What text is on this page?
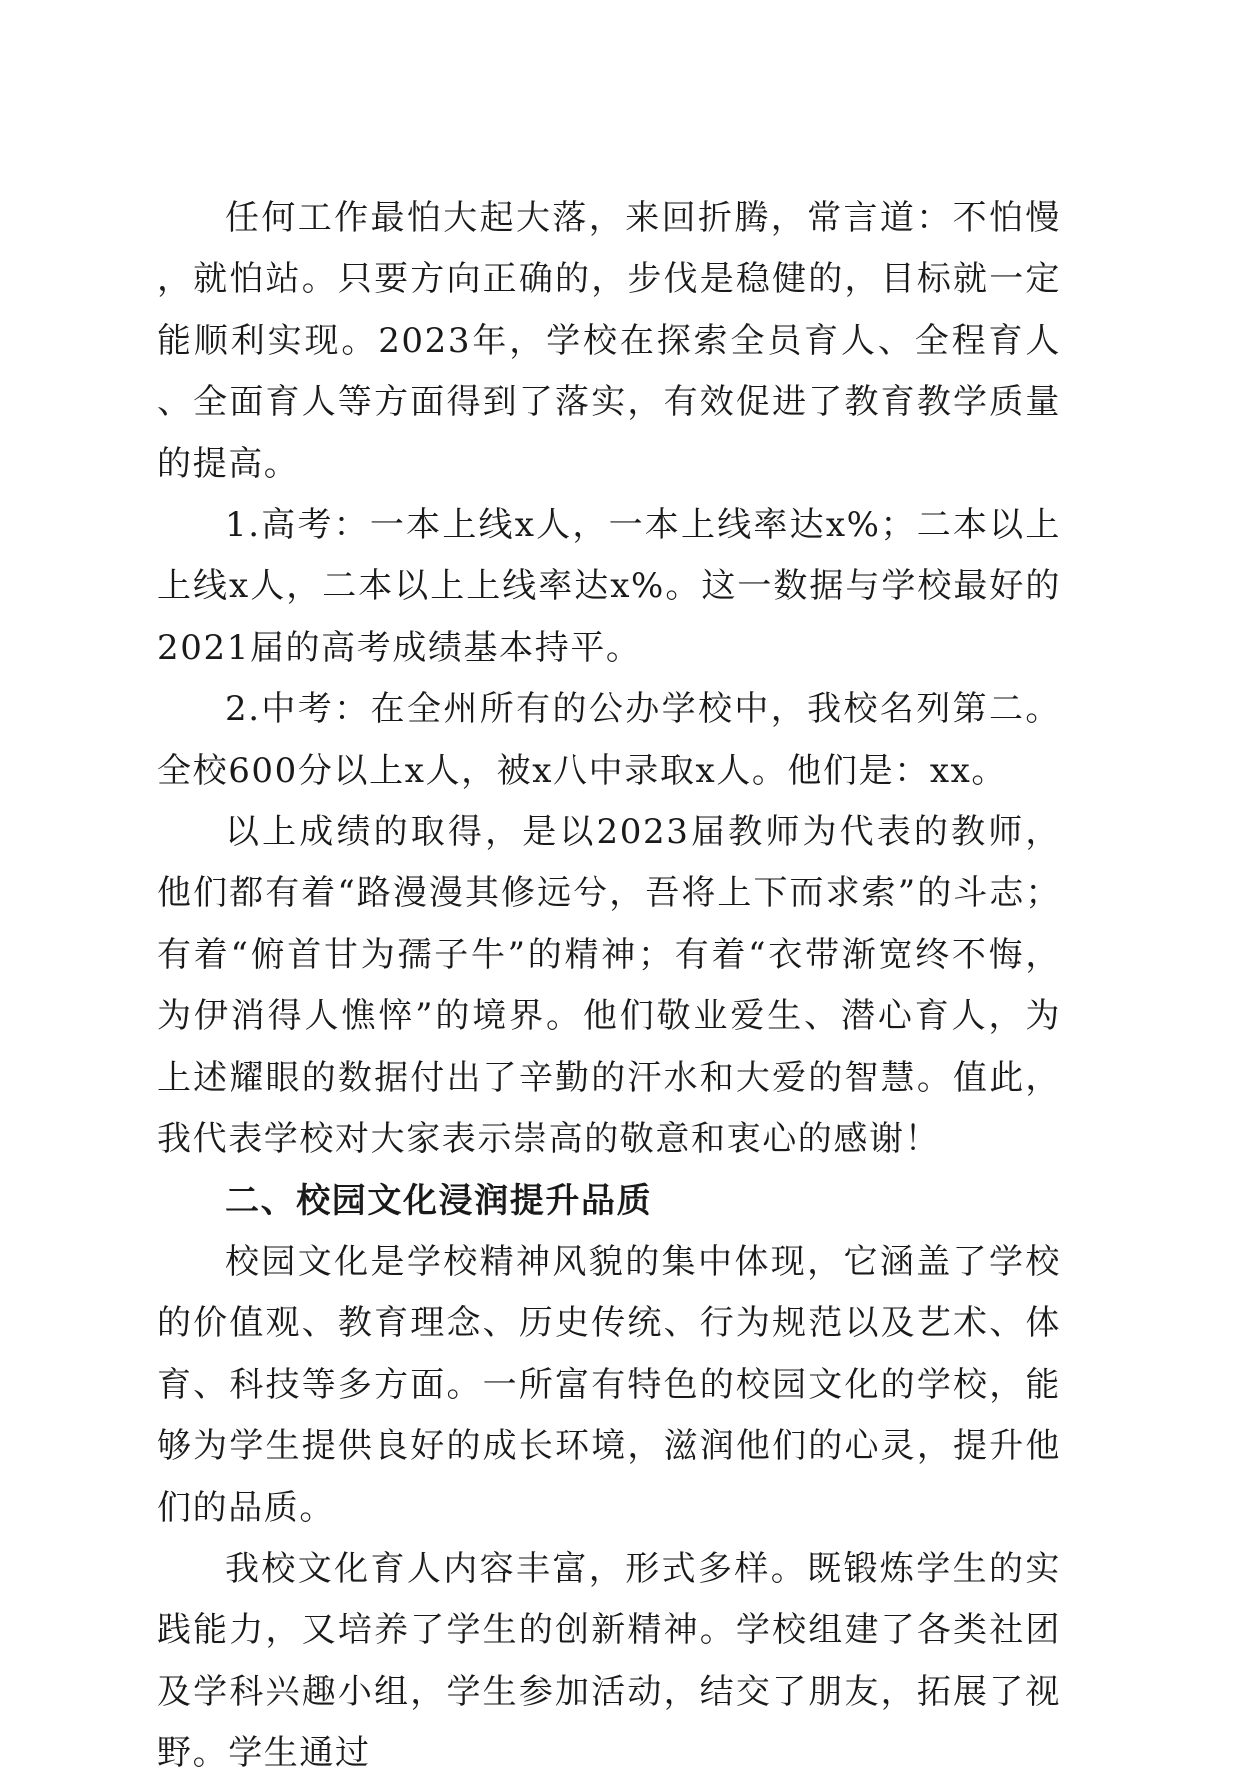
任何工作最怕大起大落，来回折腾，常言道：不怕慢，就怕站。只要方向正确的，步伐是稳健的，目标就一定能顺利实现。2023年，学校在探索全员育人、全程育人、全面育人等方面得到了落实，有效促进了教育教学质量的提高。

1.高考：一本上线x人，一本上线率达x%；二本以上上线x人，二本以上上线率达x%。这一数据与学校最好的2021届的高考成绩基本持平。

2.中考：在全州所有的公办学校中，我校名列第二。全校600分以上x人，被x八中录取x人。他们是：xx。

以上成绩的取得，是以2023届教师为代表的教师，他们都有着“路漫漫其修远兮，吾将上下而求索”的斗志；有着“俯首甘为孺子牛”的精神；有着“衣带渐宽终不悔，为伊消得人憔悴”的境界。他们敬业爱生、潜心育人，为上述耀眼的数据付出了辛勤的汗水和大爱的智慧。值此，我代表学校对大家表示崇高的敬意和衷心的感谢！

二、校园文化浸润提升品质

校园文化是学校精神风貌的集中体现，它涵盖了学校的价值观、教育理念、历史传统、行为规范以及艺术、体育、科技等多方面。一所富有特色的校园文化的学校，能够为学生提供良好的成长环境，滋润他们的心灵，提升他们的品质。

我校文化育人内容丰富，形式多样。既锻炼学生的实践能力，又培养了学生的创新精神。学校组建了各类社团及学科兴趣小组，学生参加活动，结交了朋友，拓展了视野。学生通过
